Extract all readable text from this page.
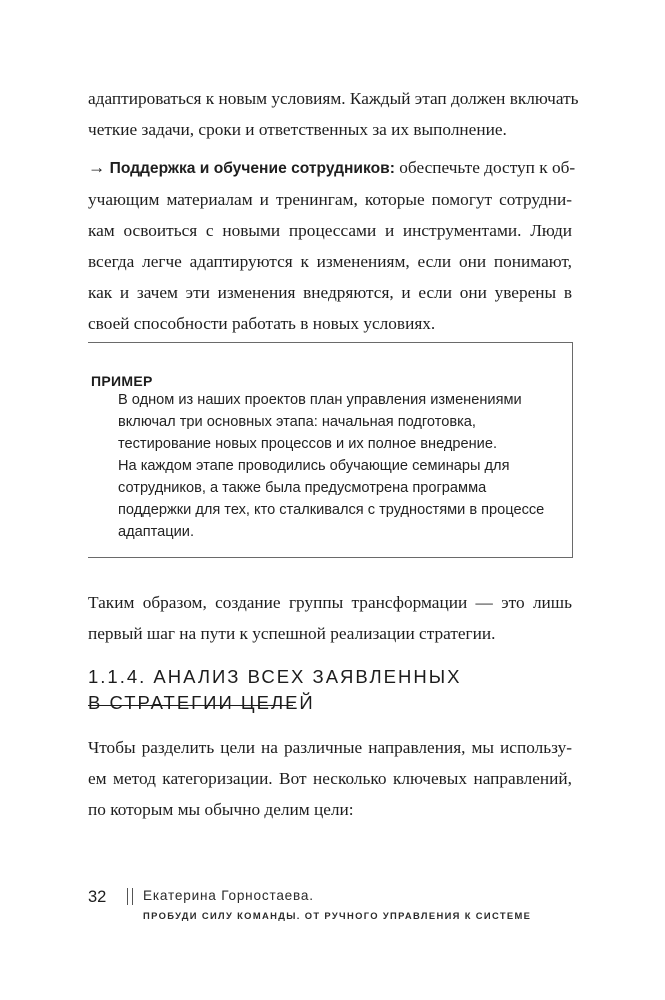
адаптироваться к новым условиям. Каждый этап должен включать
четкие задачи, сроки и ответственных за их выполнение.
→ Поддержка и обучение сотрудников: обеспечьте доступ к об-
учающим материалам и тренингам, которые помогут сотрудни-
кам освоиться с новыми процессами и инструментами. Люди
всегда легче адаптируются к изменениям, если они понимают,
как и зачем эти изменения внедряются, и если они уверены в
своей способности работать в новых условиях.
ПРИМЕР
В одном из наших проектов план управления изменениями
включал три основных этапа: начальная подготовка,
тестирование новых процессов и их полное внедрение.
На каждом этапе проводились обучающие семинары для
сотрудников, а также была предусмотрена программа
поддержки для тех, кто сталкивался с трудностями в процессе
адаптации.
Таким образом, создание группы трансформации — это лишь
первый шаг на пути к успешной реализации стратегии.
1.1.4. АНАЛИЗ ВСЕХ ЗАЯВЛЕННЫХ
В СТРАТЕГИИ ЦЕЛЕЙ
Чтобы разделить цели на различные направления, мы использу-
ем метод категоризации. Вот несколько ключевых направлений,
по которым мы обычно делим цели:
32	Екатерина Горностаева.
ПРОБУДИ СИЛУ КОМАНДЫ. ОТ РУЧНОГО УПРАВЛЕНИЯ К СИСТЕМЕ
